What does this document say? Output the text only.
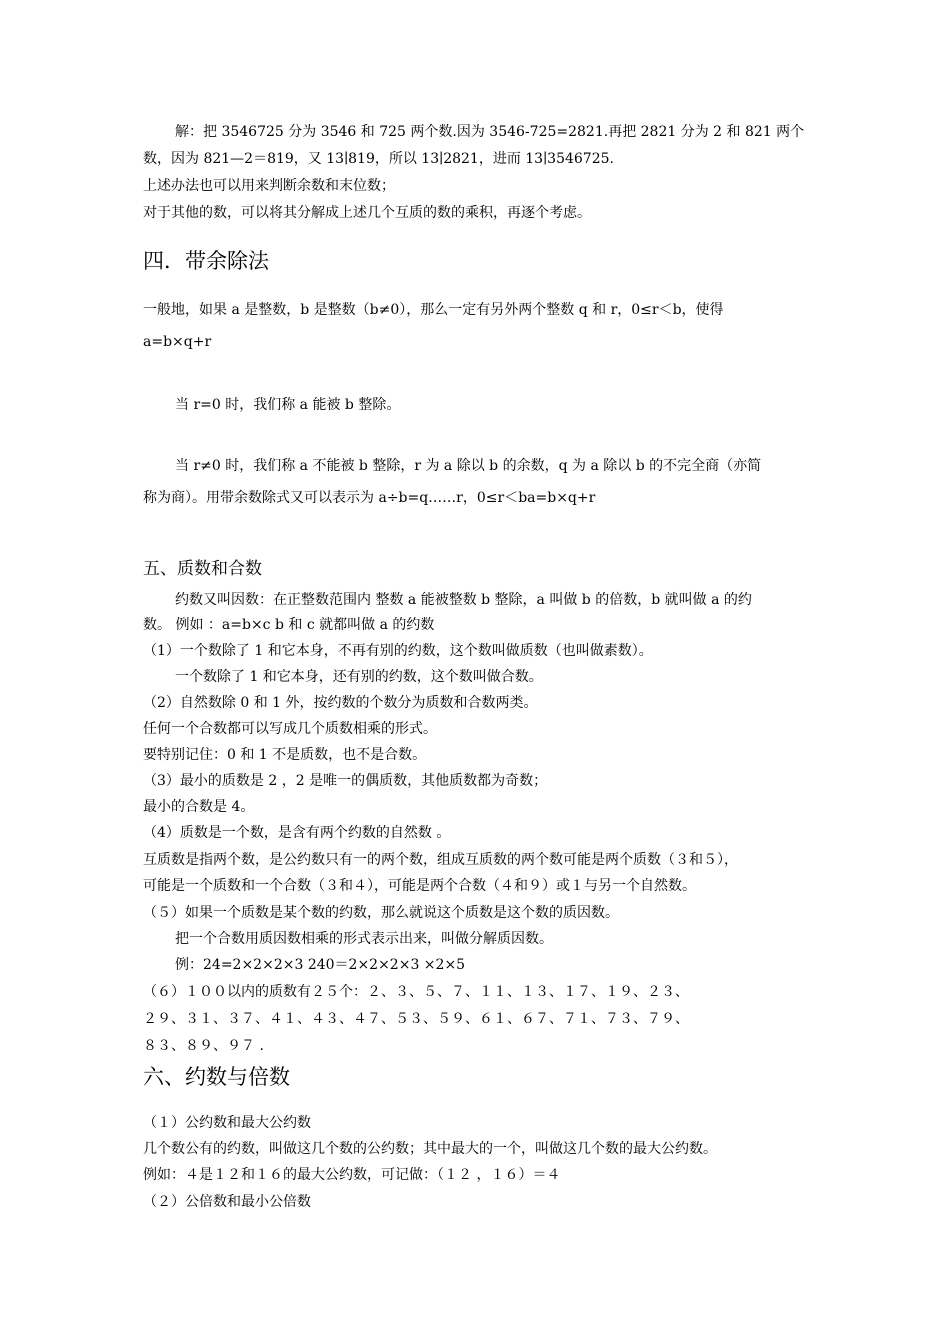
解：把 3546725 分为 3546 和 725 两个数.因为 3546-725=2821.再把 2821 分为 2 和 821 两个
数，因为 821—2＝819，又 13∣819，所以 13∣2821，进而 13∣3546725.
上述办法也可以用来判断余数和末位数；
对于其他的数，可以将其分解成上述几个互质的数的乘积，再逐个考虑。
四．带余除法
一般地，如果 a 是整数，b 是整数（b≠0），那么一定有另外两个整数 q 和 r，0≤r＜b，使得
a=b×q+r
当 r=0 时，我们称 a 能被 b 整除。
当 r≠0 时，我们称 a 不能被 b 整除，r 为 a 除以 b 的余数，q 为 a 除以 b 的不完全商（亦简
称为商）。用带余数除式又可以表示为 a÷b=q……r，0≤r＜ba=b×q+r
五、质数和合数
约数又叫因数：在正整数范围内 整数 a 能被整数 b 整除，a 叫做 b 的倍数，b 就叫做 a 的约
数。 例如 ：a=b×c b 和 c 就都叫做 a 的约数
（1）一个数除了 1 和它本身，不再有别的约数，这个数叫做质数（也叫做素数）。
一个数除了 1 和它本身，还有别的约数，这个数叫做合数。
（2）自然数除 0 和 1 外，按约数的个数分为质数和合数两类。
任何一个合数都可以写成几个质数相乘的形式。
要特别记住：0 和 1 不是质数，也不是合数。
（3）最小的质数是 2 ，2 是唯一的偶质数，其他质数都为奇数；
最小的合数是 4。
（4）质数是一个数，是含有两个约数的自然数 。
互质数是指两个数，是公约数只有一的两个数，组成互质数的两个数可能是两个质数（３和５），
可能是一个质数和一个合数（３和４），可能是两个合数（４和９）或１与另一个自然数。
（５）如果一个质数是某个数的约数，那么就说这个质数是这个数的质因数。
把一个合数用质因数相乘的形式表示出来，叫做分解质因数。
例：24=2×2×2×3 240＝2×2×2×3 ×2×5
（６）１００以内的质数有２５个：２、３、５、７、１１、１３、１７、１９、２３、
２９、３１、３７、４１、４３、４７、５３、５９、６１、６７、７１、７３、７９、
８３、８９、９７ .
六、约数与倍数
（１）公约数和最大公约数
几个数公有的约数，叫做这几个数的公约数；其中最大的一个，叫做这几个数的最大公约数。
例如：４是１２和１６的最大公约数，可记做：（１２ ，１６）＝４
（２）公倍数和最小公倍数
